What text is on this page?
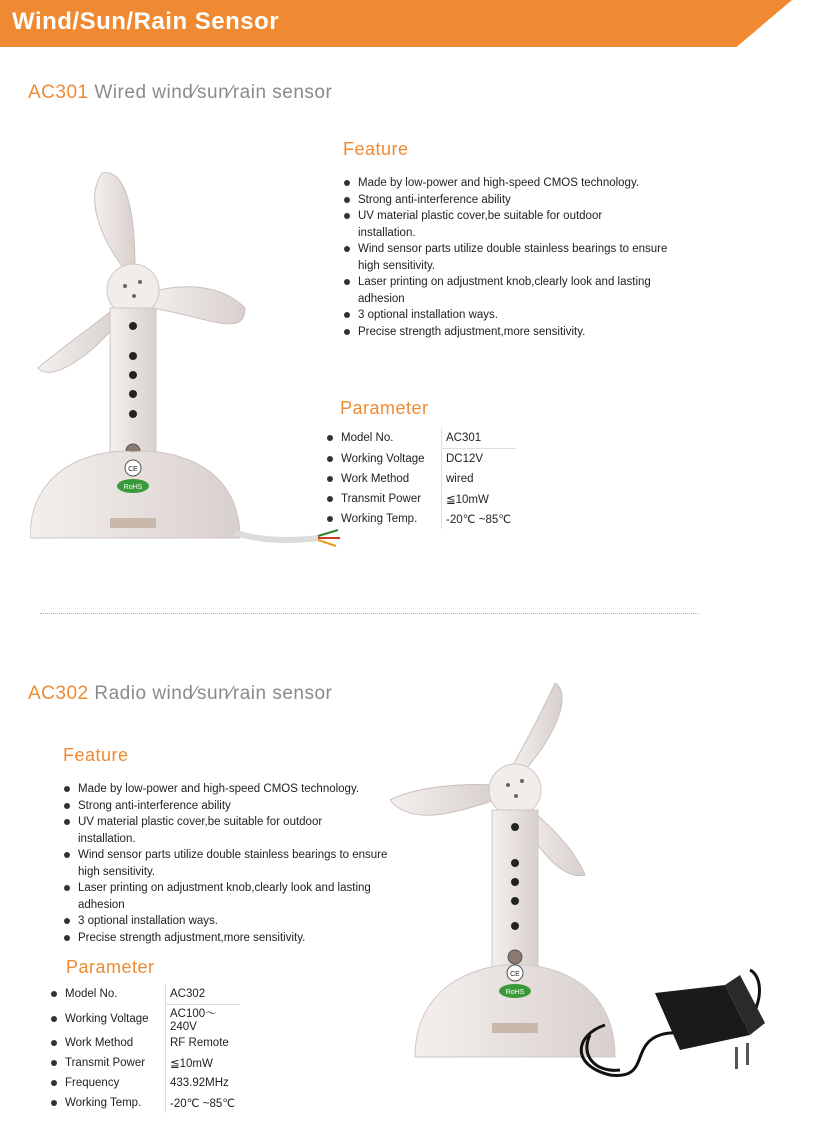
Wind/Sun/Rain Sensor
AC301 Wired wind∕sun∕rain sensor
CE
RoHS
Feature
Made by low-power and high-speed CMOS technology.
Strong anti-interference ability
UV material plastic cover,be suitable for outdoor installation.
Wind sensor parts utilize double stainless bearings to ensure high sensitivity.
Laser printing on adjustment knob,clearly look and lasting adhesion
3 optional installation ways.
Precise strength adjustment,more sensitivity.
Parameter
	Model No.	AC301
	Working Voltage	DC12V
	Work Method	wired
	Transmit Power	≦10mW
	Working Temp.	-20℃ ~85℃
AC302 Radio wind∕sun∕rain sensor
Feature
Made by low-power and high-speed CMOS technology.
Strong anti-interference ability
UV material plastic cover,be suitable for outdoor installation.
Wind sensor parts utilize double stainless bearings to ensure high sensitivity.
Laser printing on adjustment knob,clearly look and lasting adhesion
3 optional installation ways.
Precise strength adjustment,more sensitivity.
Parameter
	Model No.	AC302
	Working Voltage	AC100～240V
	Work Method	RF Remote
	Transmit Power	≦10mW
	Frequency	433.92MHz
	Working Temp.	-20℃ ~85℃
CE
RoHS
